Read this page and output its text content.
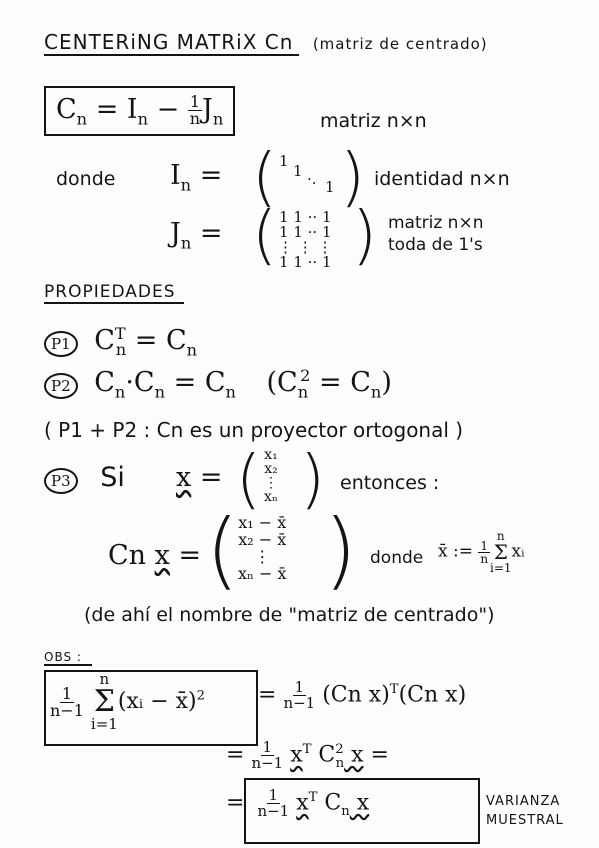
CENTERiNG MATRiX Cn (matriz de centrado)
$C_n = I_n - \frac{1}{n} J_n$	matriz n×n
donde $I_n$ = ( 1
1 ·. 1 ) identidad n×n
$J_n$ = ( 1 1 ·· 1
1 1 ·· 1
⋮ ⋮ ⋮
1 1 ·· 1 ) matriz n×n
toda de 1's
PROPIEDADES
P1 $C^T_n = C_n$
P2 $C_n\cdot C_n = C_n$ $(C_n^2 = C_n)$
( P1 + P2 : Cn es un proyector ortogonal )
P3 Si x = ( x₁
x₂
⋮
xₙ ) entonces :
Cn x = ( x₁ − x̄
x₂ − x̄
⋮
xₙ − x̄ ) donde x̄ := $\frac{1}{n}$
n
Σ
i=1
xᵢ
(de ahí el nombre de "matriz de centrado")
OBS :
$\frac{1}{n-1}$

n
Σ
i=1
(xᵢ − x̄)$^2$ = $\frac{1}{n-1} (Cn$ x)$^T$(Cn x)
= $\frac{1}{n-1} x^T$ $C^2_n$ x =
= $\frac{1}{n-1} x^T$ $C_n$ x	VARIANZA
MUESTRAL
